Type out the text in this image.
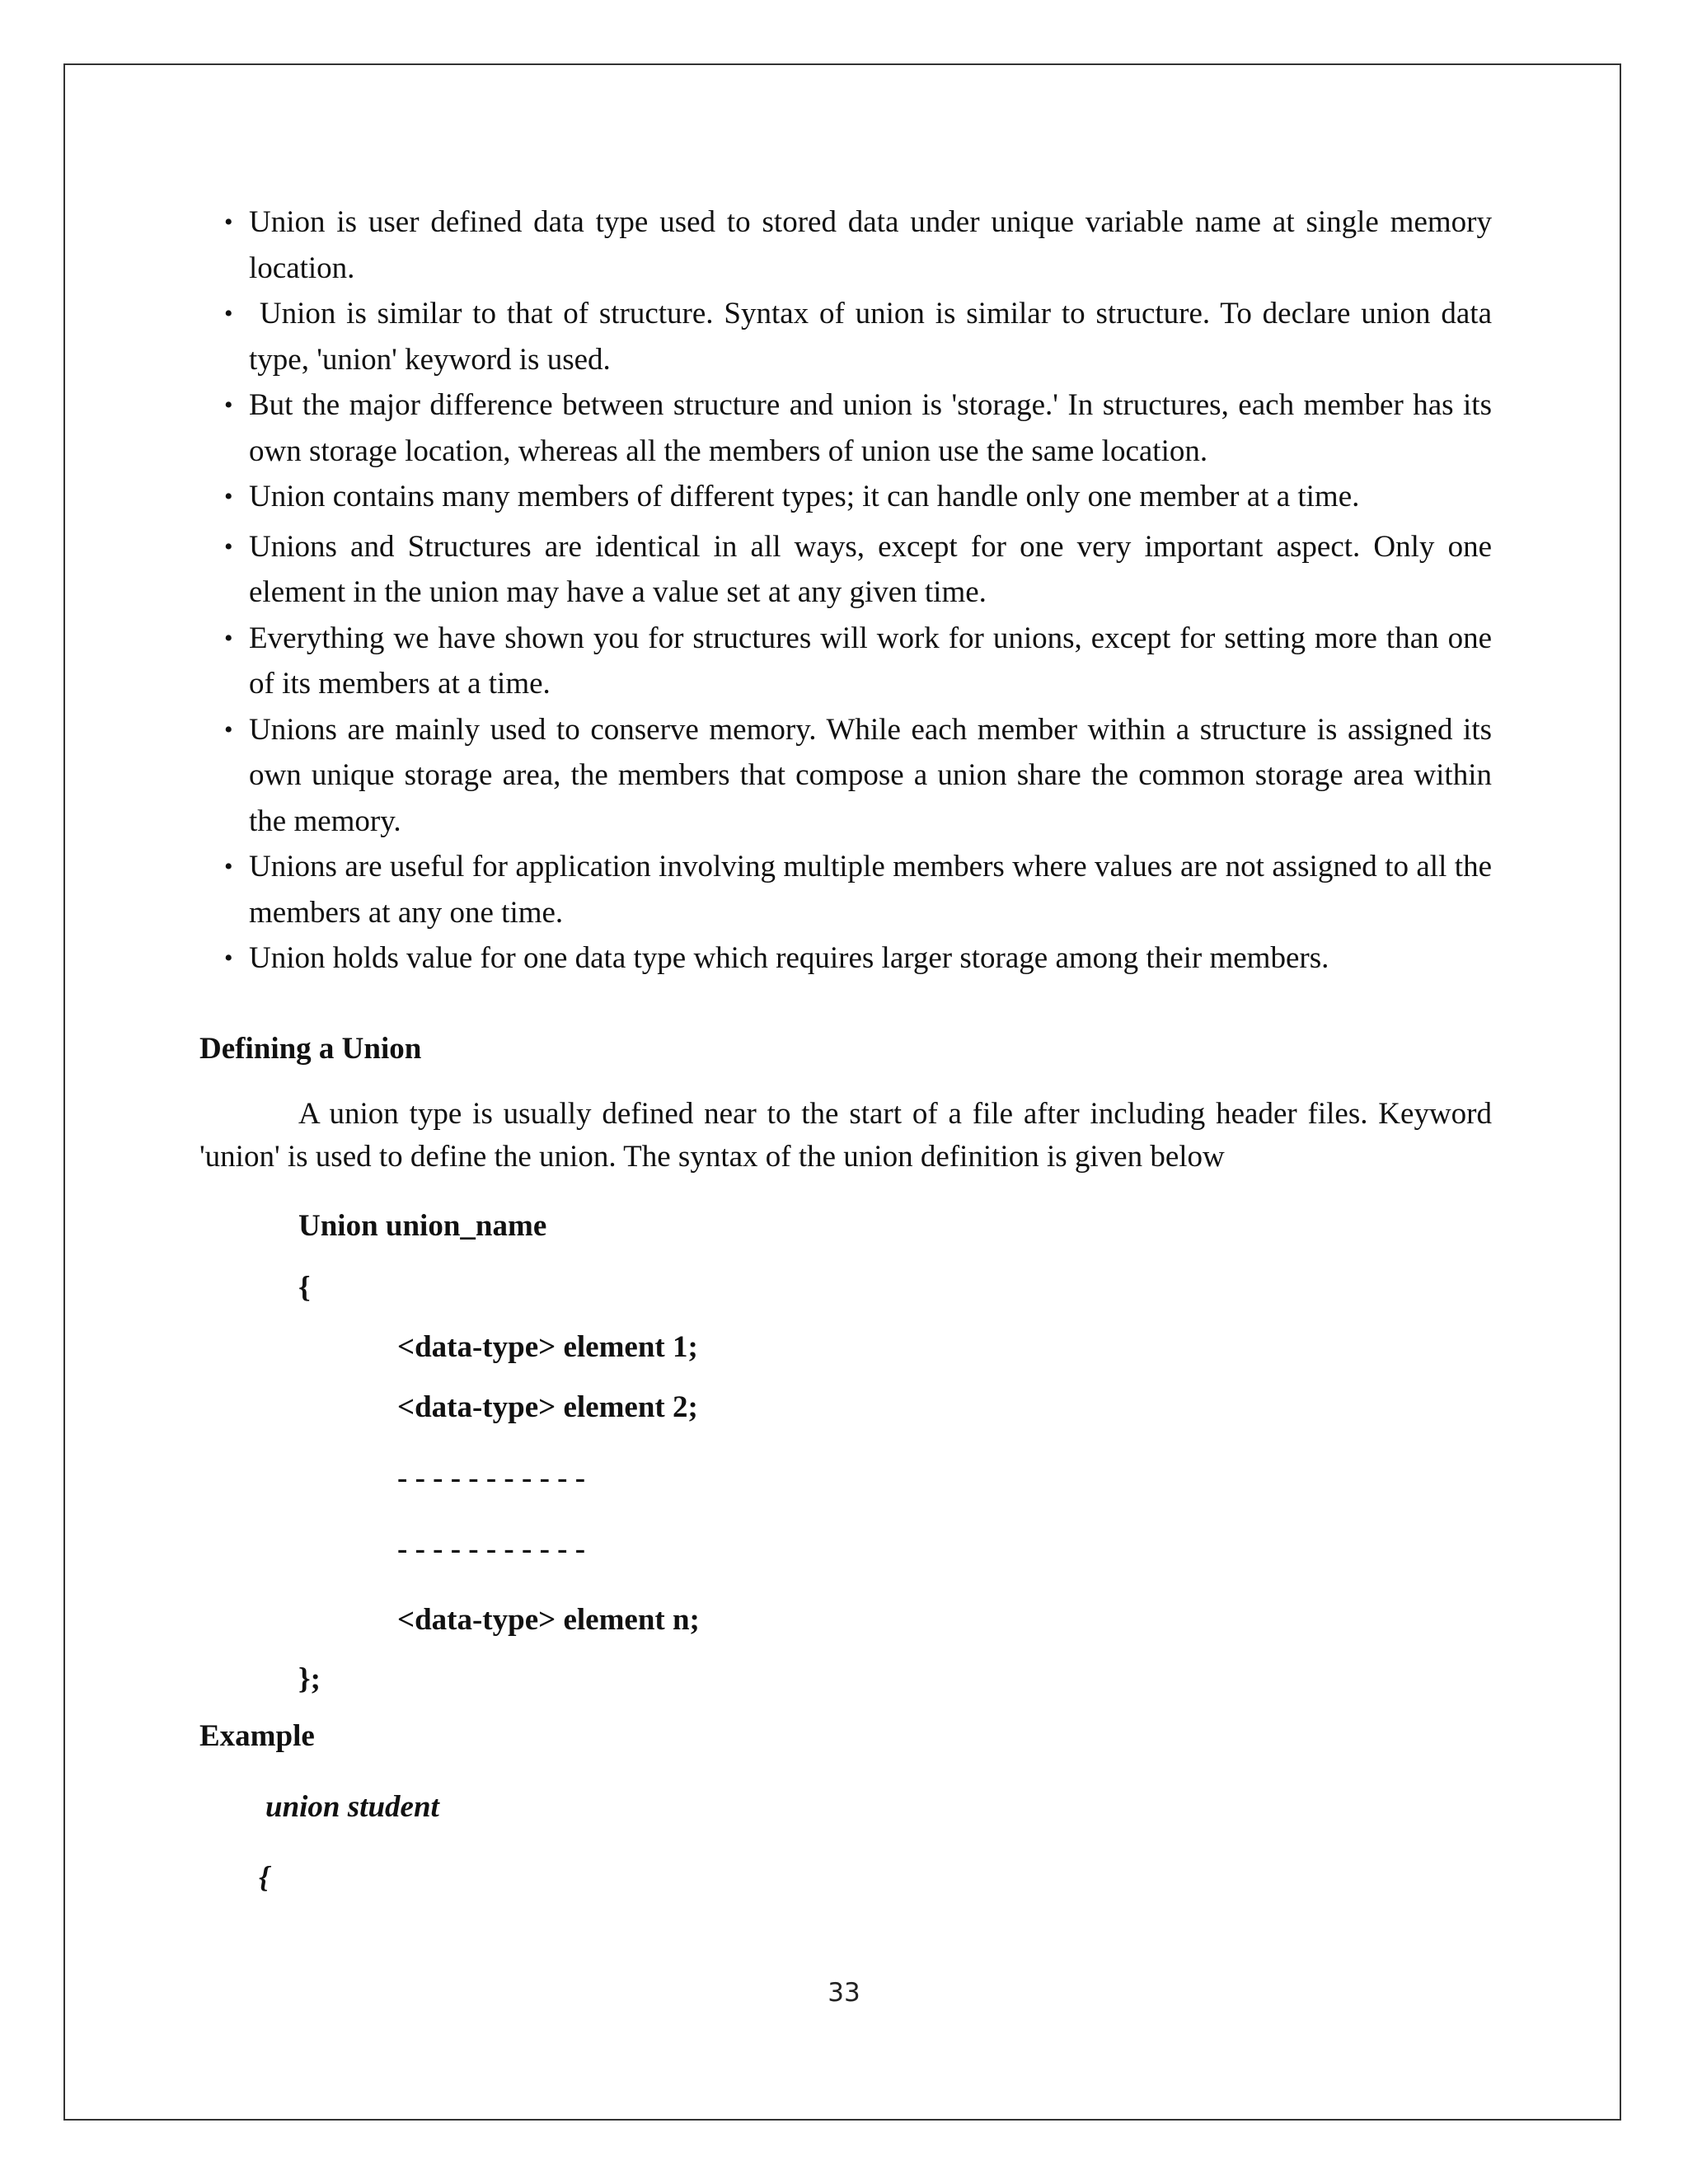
• Union is user defined data type used to stored data under unique variable name at single memory location.
• Union is similar to that of structure. Syntax of union is similar to structure. To declare union data type, 'union' keyword is used.
• But the major difference between structure and union is 'storage.' In structures, each member has its own storage location, whereas all the members of union use the same location.
• Union contains many members of different types; it can handle only one member at a time.
• Unions and Structures are identical in all ways, except for one very important aspect. Only one element in the union may have a value set at any given time.
• Everything we have shown you for structures will work for unions, except for setting more than one of its members at a time.
• Unions are mainly used to conserve memory. While each member within a structure is assigned its own unique storage area, the members that compose a union share the common storage area within the memory.
• Unions are useful for application involving multiple members where values are not assigned to all the members at any one time.
• Union holds value for one data type which requires larger storage among their members.

Defining a Union

A union type is usually defined near to the start of a file after including header files. Keyword 'union' is used to define the union. The syntax of the union definition is given below

Union union_name

{

<data-type> element 1;

<data-type> element 2;

- - - - - - - - - - -

- - - - - - - - - - -

<data-type> element n;

};

Example

union student

{

33
